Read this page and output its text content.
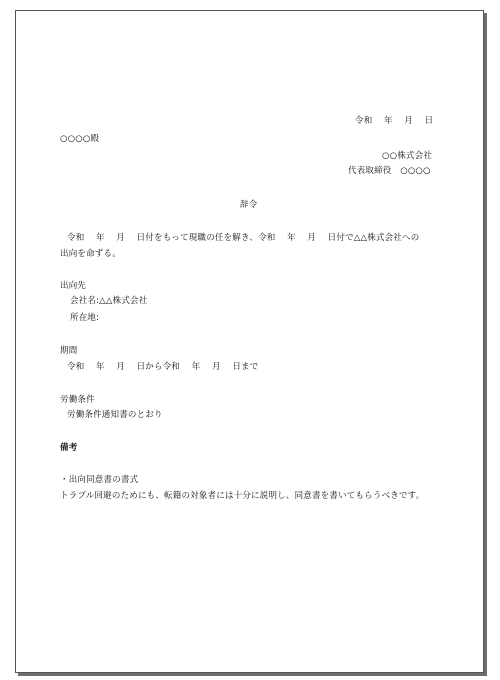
令和　 年 　月 　日
○○○○殿
○○株式会社
代表取締役　○○○○
辞令
令和　 年　 月　 日付をもって現職の任を解き、令和　 年　 月　 日付で△△株式会社への
出向を命ずる。
出向先
会社名:△△株式会社
所在地:
期間
令和　 年　 月　 日から令和　 年 　月 　日まで
労働条件
労働条件通知書のとおり
備考
・出向同意書の書式
トラブル回避のためにも、転籍の対象者には十分に説明し、同意書を書いてもらうべきです。
